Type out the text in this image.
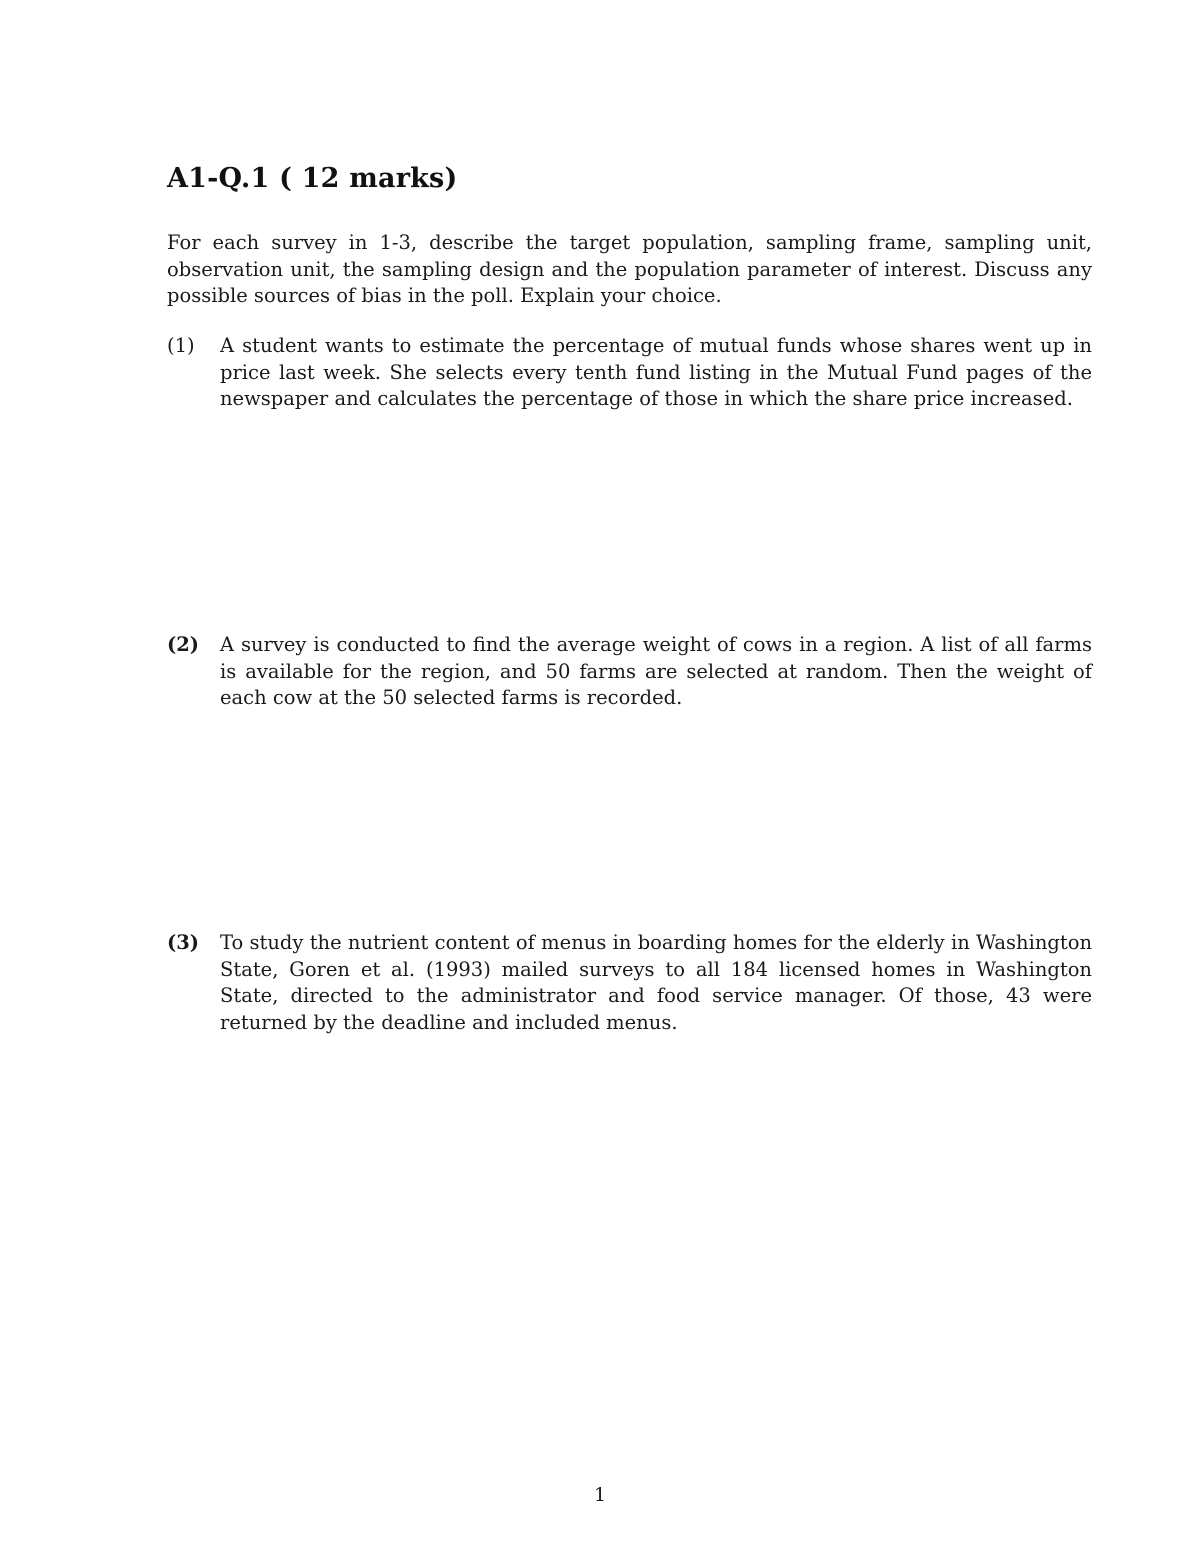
A1-Q.1 ( 12 marks)

For each survey in 1-3, describe the target population, sampling frame, sampling unit, observation unit, the sampling design and the population parameter of interest. Discuss any possible sources of bias in the poll. Explain your choice.

(1)	A student wants to estimate the percentage of mutual funds whose shares went up in price last week. She selects every tenth fund listing in the Mutual Fund pages of the newspaper and calculates the percentage of those in which the share price increased.

(2)	A survey is conducted to find the average weight of cows in a region. A list of all farms is available for the region, and 50 farms are selected at random. Then the weight of each cow at the 50 selected farms is recorded.

(3)	To study the nutrient content of menus in boarding homes for the elderly in Washington State, Goren et al. (1993) mailed surveys to all 184 licensed homes in Washington State, directed to the administrator and food service manager. Of those, 43 were returned by the deadline and included menus.

1
